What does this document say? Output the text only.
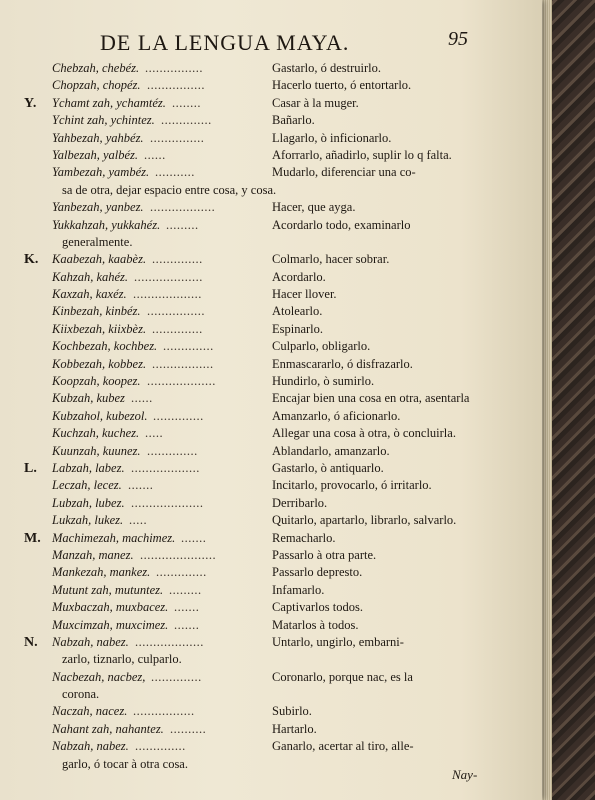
DE LA LENGUA MAYA.	95
Chebzah, chebéz. ................	Gastarlo, ó destruirlo.
Chopzah, chopéz. ................	Hacerlo tuerto, ó entortarlo.
Y. Ychamt zah, ychamtéz. ........	Casar à la muger.
Ychint zah, ychintez. ..............	Bañarlo.
Yahbezah, yahbéz. ...............	Llagarlo, ò inficionarlo.
Yalbezah, yalbéz. ......	Aforrarlo, añadirlo, suplir lo q falta.
Yambezah, yambéz. ...........	Mudarlo, diferenciar una co-
sa de otra, dejar espacio entre cosa, y cosa.
Yanbezah, yanbez. ..................	Hacer, que ayga.
Yukkahzah, yukkahéz. .........	Acordarlo todo, examinarlo
generalmente.
K. Kaabezah, kaabèz. ..............	Colmarlo, hacer sobrar.
Kahzah, kahéz. ...................	Acordarlo.
Kaxzah, kaxéz. ...................	Hacer llover.
Kinbezah, kinbéz. ................	Atolearlo.
Kiixbezah, kiixbèz. ..............	Espinarlo.
Kochbezah, kochbez. ..............	Culparlo, obligarlo.
Kobbezah, kobbez. .................	Enmascararlo, ó disfrazarlo.
Koopzah, koopez. ...................	Hundirlo, ò sumirlo.
Kubzah, kubez ......	Encajar bien una cosa en otra, asentarla
Kubzahol, kubezol. ..............	Amanzarlo, ó aficionarlo.
Kuchzah, kuchez. .....	Allegar una cosa à otra, ò concluirla.
Kuunzah, kuunez. ..............	Ablandarlo, amanzarlo.
L. Labzah, labez. ...................	Gastarlo, ò antiquarlo.
Leczah, lecez. .......	Incitarlo, provocarlo, ó irritarlo.
Lubzah, lubez. ....................	Derribarlo.
Lukzah, lukez. .....	Quitarlo, apartarlo, librarlo, salvarlo.
M. Machimezah, machimez. .......	Remacharlo.
Manzah, manez. .....................	Passarlo à otra parte.
Mankezah, mankez. ..............	Passarlo depresto.
Mutunt zah, mutuntez. .........	Infamarlo.
Muxbaczah, muxbacez. .......	Captivarlos todos.
Muxcimzah, muxcimez. .......	Matarlos à todos.
N. Nabzah, nabez. ...................	Untarlo, ungirlo, embarni-
zarlo, tiznarlo, culparlo.
Nacbezah, nacbez, ..............	Coronarlo, porque nac, es la
corona.
Naczah, nacez. .................	Subirlo.
Nahant zah, nahantez. ..........	Hartarlo.
Nabzah, nabez. ..............	Ganarlo, acertar al tiro, alle-
garlo, ó tocar à otra cosa.
Nay-
